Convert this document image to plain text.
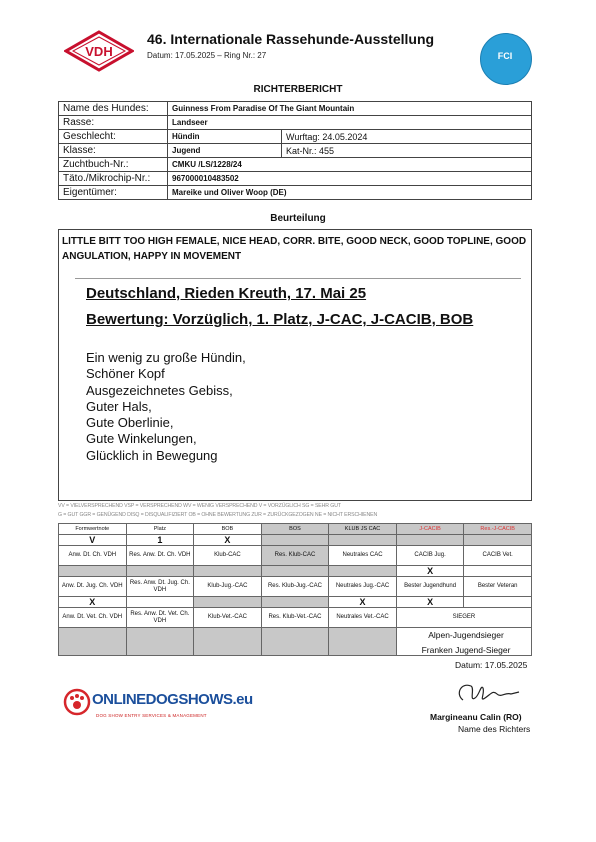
VDH
46. Internationale Rassehunde-Ausstellung
Datum: 17.05.2025 – Ring Nr.: 27	FCI
RICHTERBERICHT
Name des Hundes:	Guinness From Paradise Of The Giant Mountain	
Rasse:	Landseer	
Geschlecht:	Hündin	Wurftag: 24.05.2024
Klasse:	Jugend	Kat-Nr.: 455
Zuchtbuch-Nr.:	CMKU /LS/1228/24	
Täto./Mikrochip-Nr.:	967000010483502	
Eigentümer:	Mareike und Oliver Woop (DE)	
Beurteilung
LITTLE BITT TOO HIGH FEMALE, NICE HEAD, CORR. BITE, GOOD NECK, GOOD TOPLINE, GOOD ANGULATION, HAPPY IN MOVEMENT
Deutschland, Rieden Kreuth, 17. Mai 25
Bewertung: Vorzüglich, 1. Platz, J-CAC, J-CACIB, BOB
Ein wenig zu große Hündin,
Schöner Kopf
Ausgezeichnetes Gebiss,
Guter Hals,
Gute Oberlinie,
Gute Winkelungen,
Glücklich in Bewegung
VV = VIELVERSPRECHEND VSP = VERSPRECHEND WV = WENIG VERSPRECHEND V = VORZÜGLICH SG = SEHR GUT
G = GUT GGR = GENÜGEND DISQ = DISQUALIFIZIERT OB = OHNE BEWERTUNG ZUR = ZURÜCKGEZOGEN NE = NICHT ERSCHIENEN
Formwertnote	Platz	BOB	BOS	KLUB JS CAC	J-CACIB	Res.-J-CACIB
V	1	X				
Anw. Dt. Ch. VDH	Res. Anw. Dt. Ch. VDH	Klub-CAC	Res. Klub-CAC	Neutrales CAC	CACIB Jug.	CACIB Vet.
					X	
Anw. Dt. Jug. Ch. VDH	Res. Anw. Dt. Jug. Ch. VDH	Klub-Jug.-CAC	Res. Klub-Jug.-CAC	Neutrales Jug.-CAC	Bester Jugendhund	Bester Veteran
X				X	X	
Anw. Dt. Vet. Ch. VDH	Res. Anw. Dt. Vet. Ch. VDH	Klub-Vet.-CAC	Res. Klub-Vet.-CAC	Neutrales Vet.-CAC	SIEGER	

Alpen-Jugendsieger
Franken Jugend-Sieger
Datum: 17.05.2025
ONLINEDOGSHOWS.eu
DOG SHOW ENTRY SERVICES & MANAGEMENT	Margineanu Calin (RO)
Name des Richters
